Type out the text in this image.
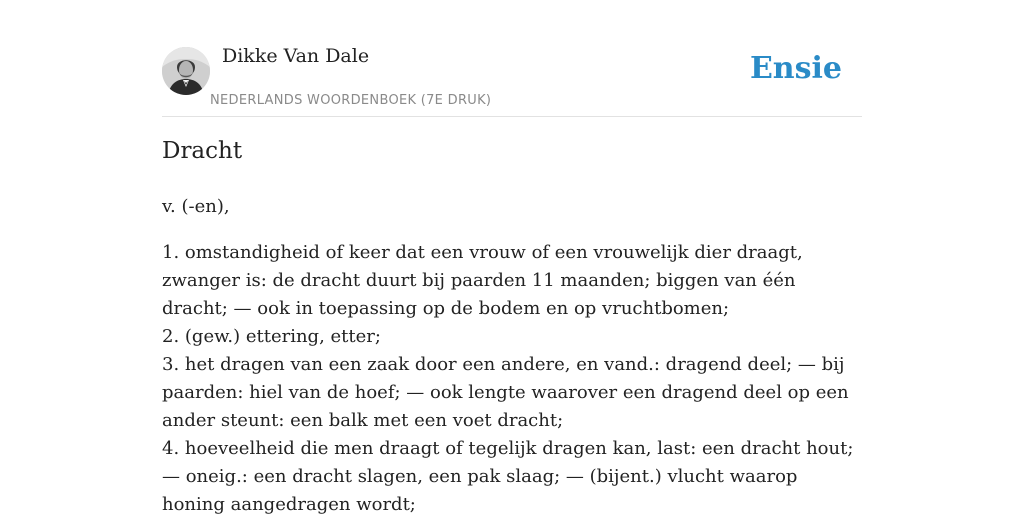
Dikke Van Dale
NEDERLANDS WOORDENBOEK (7E DRUK)
Ensie
Dracht

v. (-en),

1. omstandigheid of keer dat een vrouw of een vrouwelijk dier draagt, zwanger is: de dracht duurt bij paarden 11 maanden; biggen van één dracht; — ook in toepassing op de bodem en op vruchtbomen;
2. (gew.) ettering, etter;
3. het dragen van een zaak door een andere, en vand.: dragend deel; — bij paarden: hiel van de hoef; — ook lengte waarover een dragend deel op een ander steunt: een balk met een voet dracht;
4. hoeveelheid die men draagt of tegelijk dragen kan, last: een dracht hout; — oneig.: een dracht slagen, een pak slaag; — (bijent.) vlucht waarop honing aangedragen wordt;
